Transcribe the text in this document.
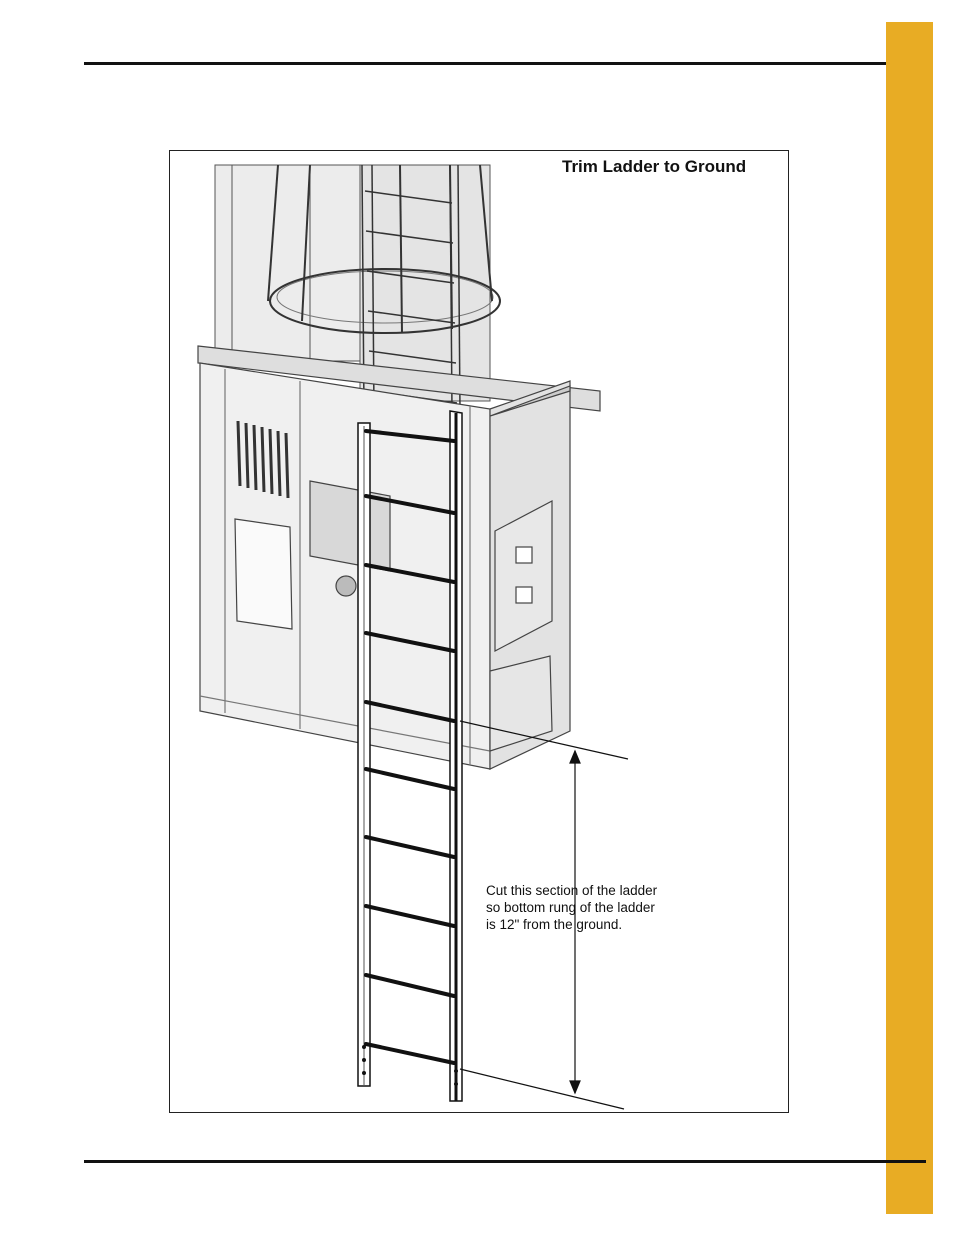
Trim Ladder to Ground
Cut this section of the ladder
so bottom rung of the ladder
is 12" from the ground.
